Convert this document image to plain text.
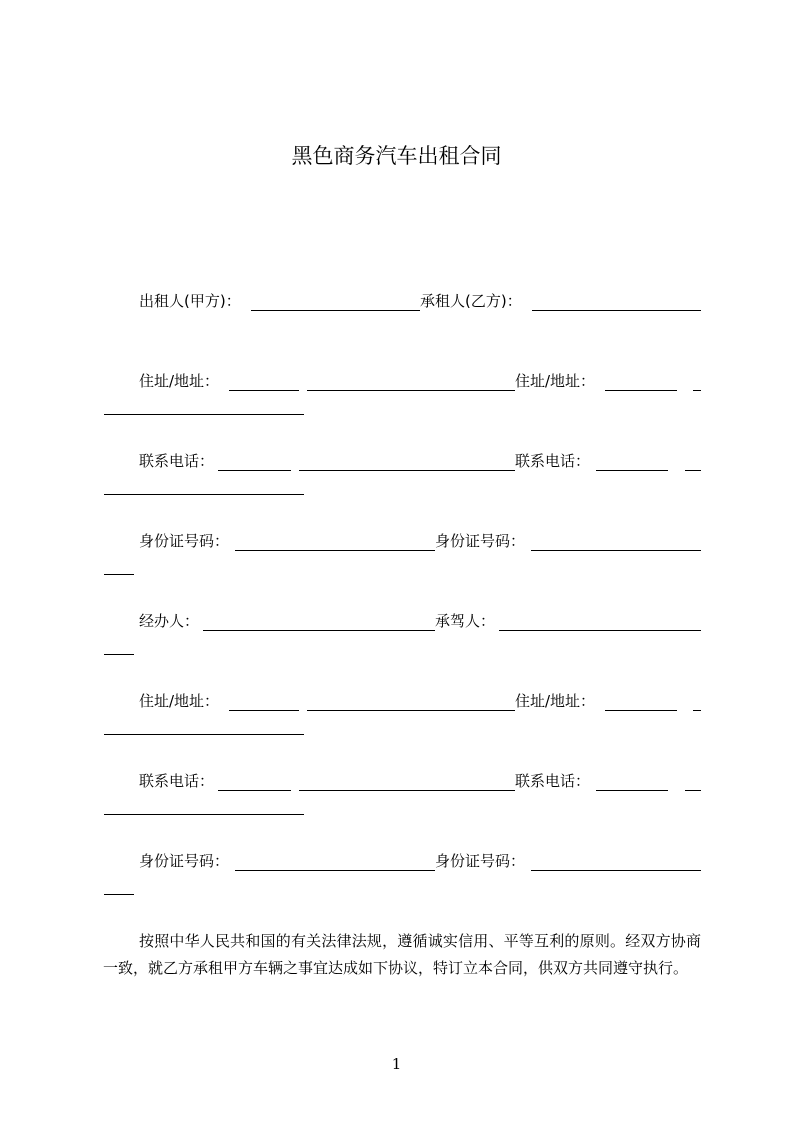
黑色商务汽车出租合同
出租人(甲方)：	承租人(乙方)：
住址/地址：	住址/地址：
联系电话：	联系电话：
身份证号码：	身份证号码：
经办人：	承驾人：
住址/地址：	住址/地址：
联系电话：	联系电话：
身份证号码：	身份证号码：
按照中华人民共和国的有关法律法规，遵循诚实信用、平等互利的原则。经双方协商一致，就乙方承租甲方车辆之事宜达成如下协议，特订立本合同，供双方共同遵守执行。
1
